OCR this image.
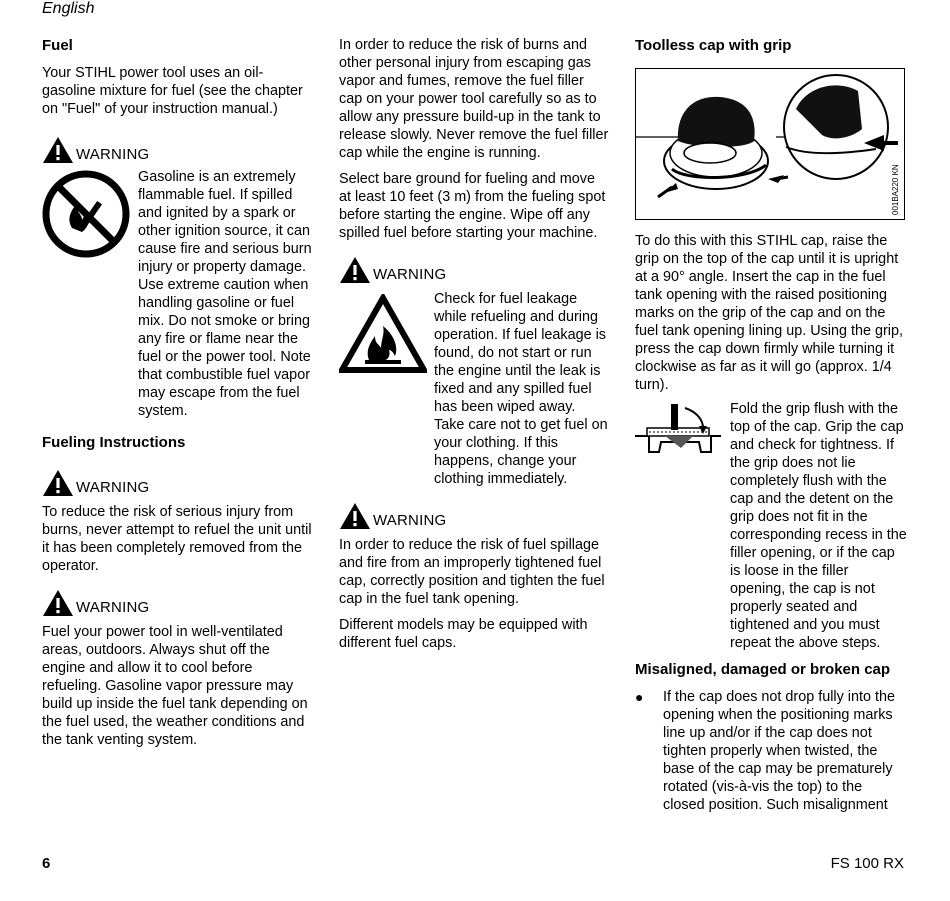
English

Fuel

Your STIHL power tool uses an oil-gasoline mixture for fuel (see the chapter on "Fuel" of your instruction manual.)

WARNING

Gasoline is an extremely flammable fuel. If spilled and ignited by a spark or other ignition source, it can cause fire and serious burn injury or property damage. Use extreme caution when handling gasoline or fuel mix. Do not smoke or bring any fire or flame near the fuel or the power tool. Note that combustible fuel vapor may escape from the fuel system.

Fueling Instructions

WARNING

To reduce the risk of serious injury from burns, never attempt to refuel the unit until it has been completely removed from the operator.

WARNING

Fuel your power tool in well-ventilated areas, outdoors. Always shut off the engine and allow it to cool before refueling. Gasoline vapor pressure may build up inside the fuel tank depending on the fuel used, the weather conditions and the tank venting system.

In order to reduce the risk of burns and other personal injury from escaping gas vapor and fumes, remove the fuel filler cap on your power tool carefully so as to allow any pressure build-up in the tank to release slowly. Never remove the fuel filler cap while the engine is running.

Select bare ground for fueling and move at least 10 feet (3 m) from the fueling spot before starting the engine. Wipe off any spilled fuel before starting your machine.

WARNING

Check for fuel leakage while refueling and during operation. If fuel leakage is found, do not start or run the engine until the leak is fixed and any spilled fuel has been wiped away. Take care not to get fuel on your clothing. If this happens, change your clothing immediately.

WARNING

In order to reduce the risk of fuel spillage and fire from an improperly tightened fuel cap, correctly position and tighten the fuel cap in the fuel tank opening.

Different models may be equipped with different fuel caps.

Toolless cap with grip

001BA220 KN

To do this with this STIHL cap, raise the grip on the top of the cap until it is upright at a 90° angle. Insert the cap in the fuel tank opening with the raised positioning marks on the grip of the cap and on the fuel tank opening lining up. Using the grip, press the cap down firmly while turning it clockwise as far as it will go (approx. 1/4 turn).

Fold the grip flush with the top of the cap. Grip the cap and check for tightness. If the grip does not lie completely flush with the cap and the detent on the grip does not fit in the corresponding recess in the filler opening, or if the cap is loose in the filler opening, the cap is not properly seated and tightened and you must repeat the above steps.

Misaligned, damaged or broken cap

●	If the cap does not drop fully into the opening when the positioning marks line up and/or if the cap does not tighten properly when twisted, the base of the cap may be prematurely rotated (vis-à-vis the top) to the closed position. Such misalignment

6	FS 100 RX
